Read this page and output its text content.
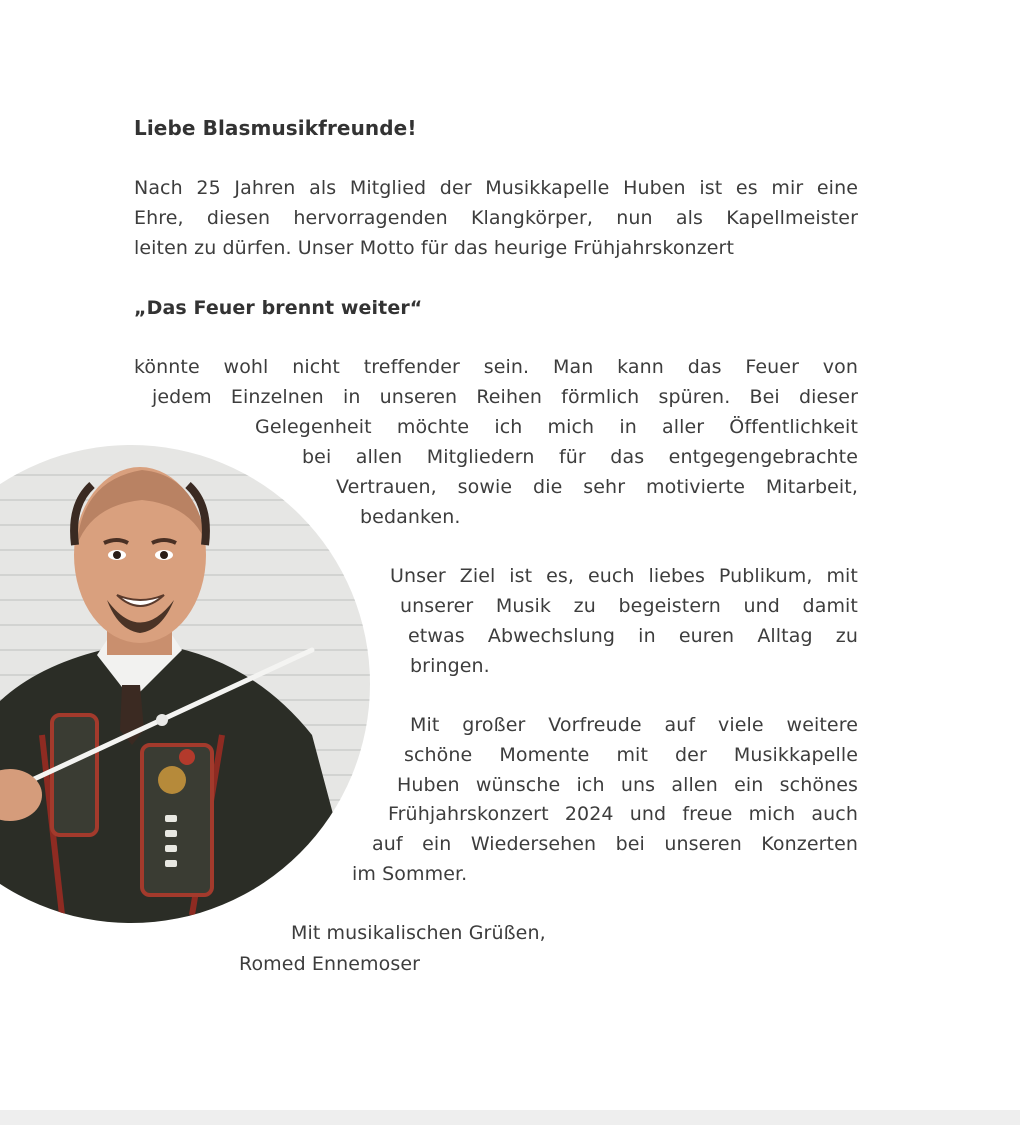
Liebe Blasmusikfreunde!
Nach 25 Jahren als Mitglied der Musikkapelle Huben ist es mir eine
Ehre, diesen hervorragenden Klangkörper, nun als Kapellmeister
leiten zu dürfen. Unser Motto für das heurige Frühjahrskonzert
„Das Feuer brennt weiter“
könnte wohl nicht treffender sein. Man kann das Feuer von
jedem Einzelnen in unseren Reihen förmlich spüren. Bei dieser
Gelegenheit möchte ich mich in aller Öffentlichkeit
bei allen Mitgliedern für das entgegengebrachte
Vertrauen, sowie die sehr motivierte Mitarbeit,
bedanken.
Unser Ziel ist es, euch liebes Publikum, mit
unserer Musik zu begeistern und damit
etwas Abwechslung in euren Alltag zu
bringen.
Mit großer Vorfreude auf viele weitere
schöne Momente mit der Musikkapelle
Huben wünsche ich uns allen ein schönes
Frühjahrskonzert 2024 und freue mich auch
auf ein Wiedersehen bei unseren Konzerten
im Sommer.
Mit musikalischen Grüßen,
Romed Ennemoser
